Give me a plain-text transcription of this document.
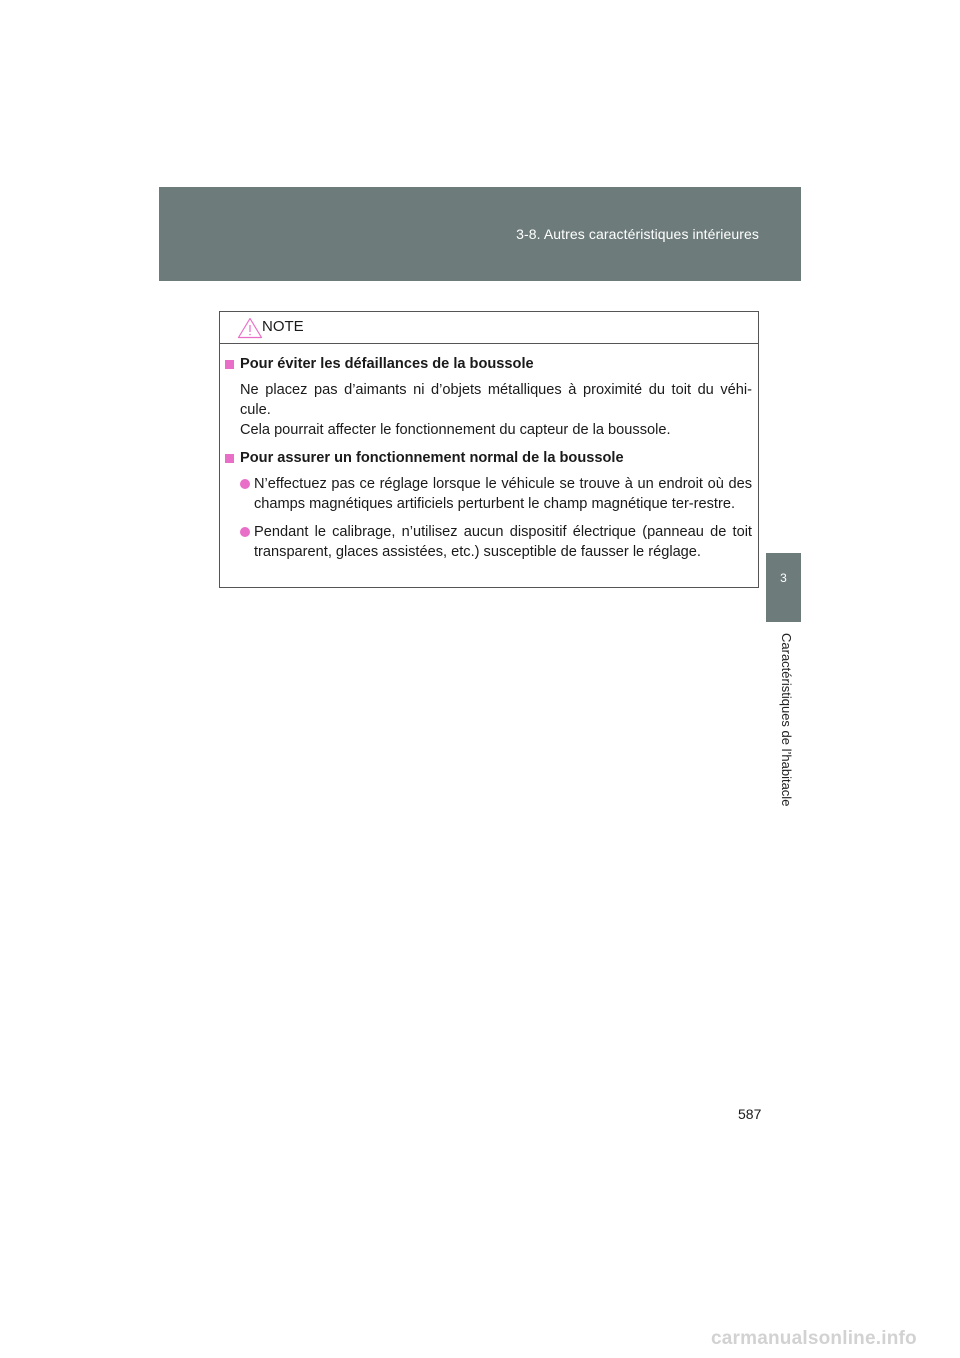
3-8. Autres caractéristiques intérieures
3
Caractéristiques de l’habitacle
NOTE
Pour éviter les défaillances de la boussole
Ne placez pas d’aimants ni d’objets métalliques à proximité du toit du véhi-cule.
Cela pourrait affecter le fonctionnement du capteur de la boussole.
Pour assurer un fonctionnement normal de la boussole
N’effectuez pas ce réglage lorsque le véhicule se trouve à un endroit où des champs magnétiques artificiels perturbent le champ magnétique ter-restre.
Pendant le calibrage, n’utilisez aucun dispositif électrique (panneau de toit transparent, glaces assistées, etc.) susceptible de fausser le réglage.
587
carmanualsonline.info
